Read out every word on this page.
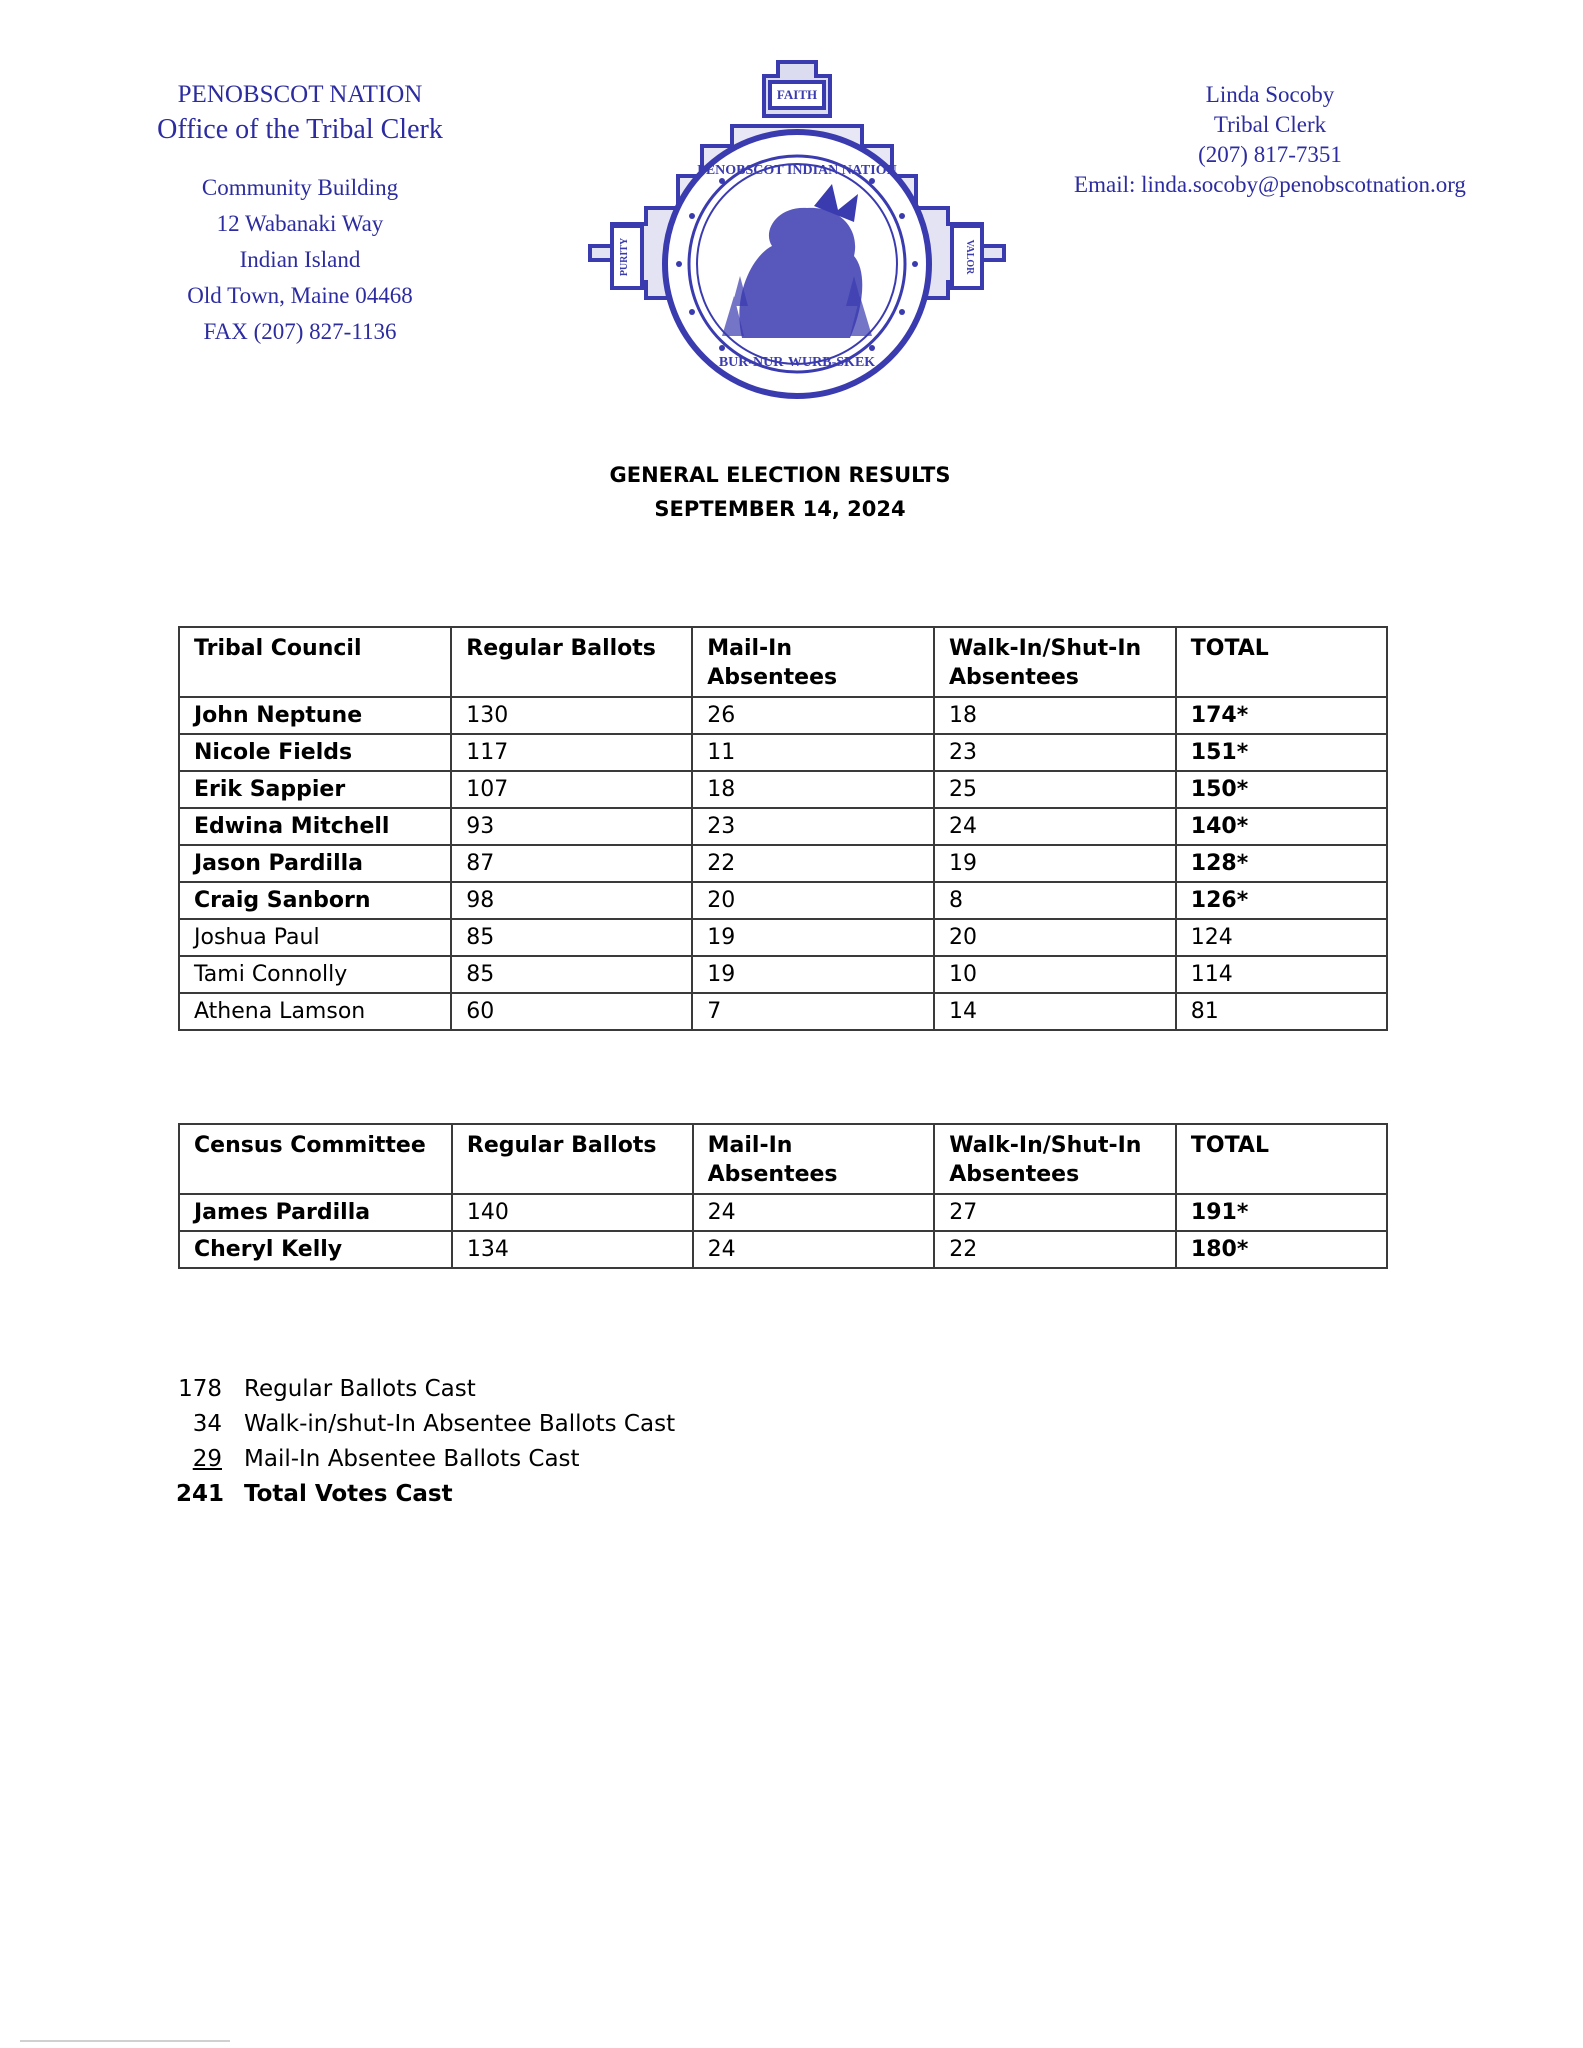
PENOBSCOT NATION
Office of the Tribal Clerk
Community Building
12 Wabanaki Way
Indian Island
Old Town, Maine 04468
FAX (207) 827-1136
FAITH
PURITY	VALOR
PENOBSCOT INDIAN NATION
BUR-NUR-WURB-SKEK
Linda Socoby
Tribal Clerk
(207) 817-7351
Email: linda.socoby@penobscotnation.org
GENERAL ELECTION RESULTS
SEPTEMBER 14, 2024
Tribal Council	Regular Ballots	Mail-In Absentees	Walk-In/Shut-In Absentees	TOTAL
John Neptune	130	26	18	174*
Nicole Fields	117	11	23	151*
Erik Sappier	107	18	25	150*
Edwina Mitchell	93	23	24	140*
Jason Pardilla	87	22	19	128*
Craig Sanborn	98	20	8	126*
Joshua Paul	85	19	20	124
Tami Connolly	85	19	10	114
Athena Lamson	60	7	14	81
Census Committee	Regular Ballots	Mail-In Absentees	Walk-In/Shut-In Absentees	TOTAL
James Pardilla	140	24	27	191*
Cheryl Kelly	134	24	22	180*
178 Regular Ballots Cast
34 Walk-in/shut-In Absentee Ballots Cast
29 Mail-In Absentee Ballots Cast
241 Total Votes Cast
